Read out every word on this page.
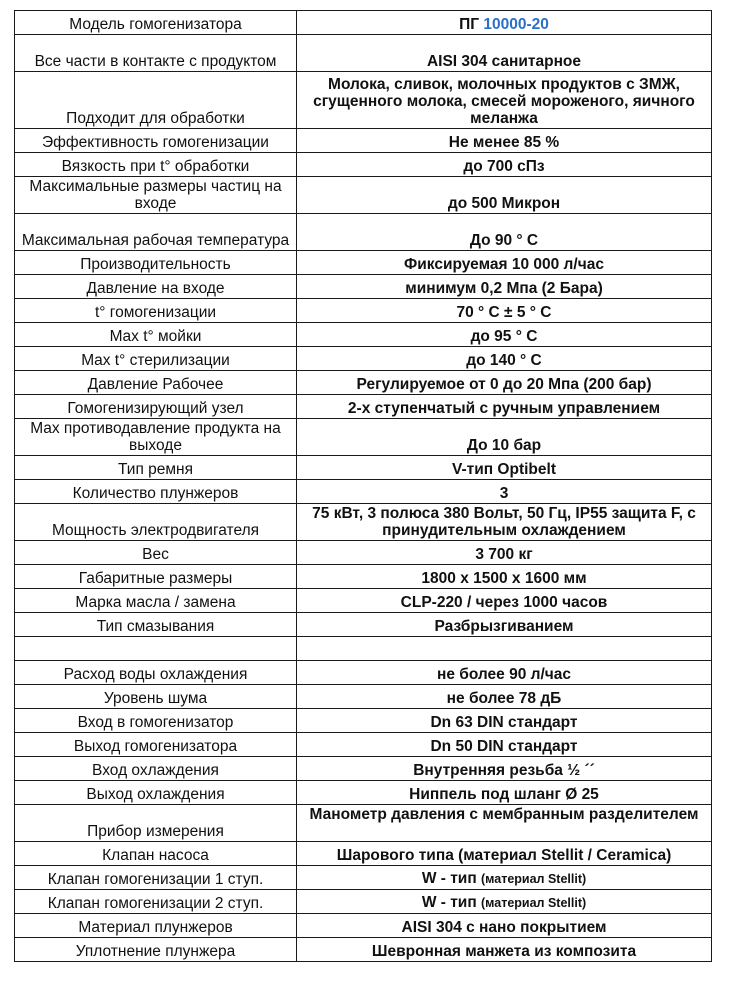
Модель гомогенизатора	ПГ 10000-20
Все части в контакте с продуктом	AISI 304 санитарное
Подходит для обработки	Молока, сливок, молочных продуктов с ЗМЖ, сгущенного молока, смесей мороженого, яичного меланжа
Эффективность гомогенизации	Не менее 85 %
Вязкость при t° обработки	до 700 сПз
Максимальные размеры частиц на входе	до 500 Микрон
Максимальная рабочая температура	До 90 ° С
Производительность	Фиксируемая 10 000 л/час
Давление на входе	минимум 0,2 Мпа (2 Бара)
t° гомогенизации	70 ° С ± 5 ° С
Max t° мойки	до 95 ° С
Max t° стерилизации	до 140 ° С
Давление Рабочее	Регулируемое от 0 до 20 Мпа (200 бар)
Гомогенизирующий узел	2-х ступенчатый с ручным управлением
Max противодавление продукта на выходе	До 10 бар
Тип ремня	V-тип Optibelt
Количество плунжеров	3
Мощность электродвигателя	75 кВт, 3 полюса 380 Вольт, 50 Гц, IP55 защита F, с принудительным охлаждением
Вес	3 700 кг
Габаритные размеры	1800 х 1500 х 1600 мм
Марка масла / замена	CLP-220 / через 1000 часов
Тип смазывания	Разбрызгиванием

Расход воды охлаждения	не более 90 л/час
Уровень шума	не более 78 дБ
Вход в гомогенизатор	Dn 63 DIN стандарт
Выход гомогенизатора	Dn 50 DIN стандарт
Вход охлаждения	Внутренняя резьба ½ ´´
Выход охлаждения	Ниппель под шланг Ø 25
Прибор измерения	Манометр давления с мембранным разделителем
Клапан насоса	Шарового типа (материал Stellit / Ceramica)
Клапан гомогенизации 1 ступ.	W - тип (материал Stellit)
Клапан гомогенизации 2 ступ.	W - тип (материал Stellit)
Материал плунжеров	AISI 304 с нано покрытием
Уплотнение плунжера	Шевронная манжета из композита
